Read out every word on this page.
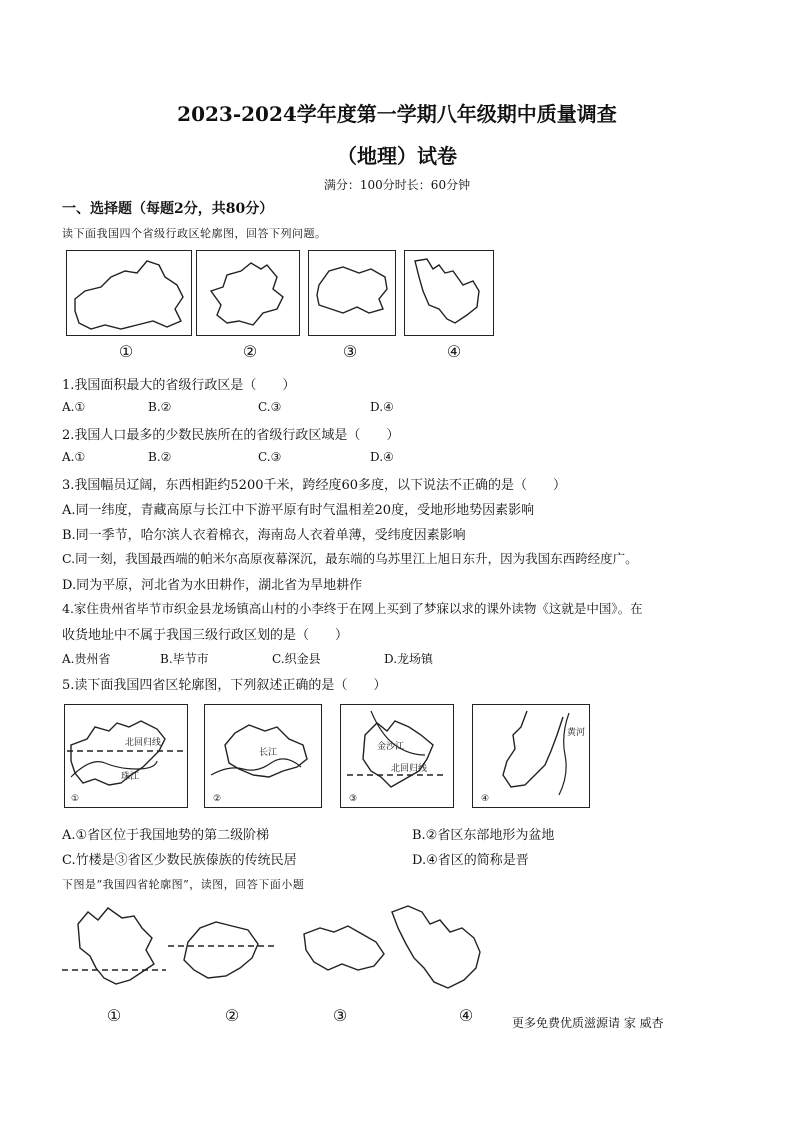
2023-2024学年度第一学期八年级期中质量调查
（地理）试卷
满分：100分时长：60分钟
一、选择题（每题2分，共80分）
读下面我国四个省级行政区轮廓图，回答下列问题。
①	②	③	④
1.我国面积最大的省级行政区是（　　）
A.①	B.②	C.③	D.④
2.我国人口最多的少数民族所在的省级行政区域是（　　）
A.①	B.②	C.③	D.④
3.我国幅员辽阔，东西相距约5200千米，跨经度60多度，以下说法不正确的是（　　）
A.同一纬度，青藏高原与长江中下游平原有时气温相差20度，受地形地势因素影响
B.同一季节，哈尔滨人衣着棉衣，海南岛人衣着单薄，受纬度因素影响
C.同一刻，我国最西端的帕米尔高原夜幕深沉，最东端的乌苏里江上旭日东升，因为我国东西跨经度广。
D.同为平原，河北省为水田耕作，湖北省为旱地耕作
4.家住贵州省毕节市织金县龙场镇高山村的小李终于在网上买到了梦寐以求的课外读物《这就是中国》。在
收货地址中不属于我国三级行政区划的是（　　）
A.贵州省	B.毕节市	C.织金县	D.龙场镇
5.读下面我国四省区轮廓图，下列叙述正确的是（　　）
北回归线
珠江
①
长江
②
金沙江
北回归线
③
黄河
④
A.①省区位于我国地势的第二级阶梯	B.②省区东部地形为盆地
C.竹楼是③省区少数民族傣族的传统民居	D.④省区的简称是晋
下图是“我国四省轮廓图”，读图，回答下面小题
①	②	③	④	更多免费优质滋源请 家 威杏
